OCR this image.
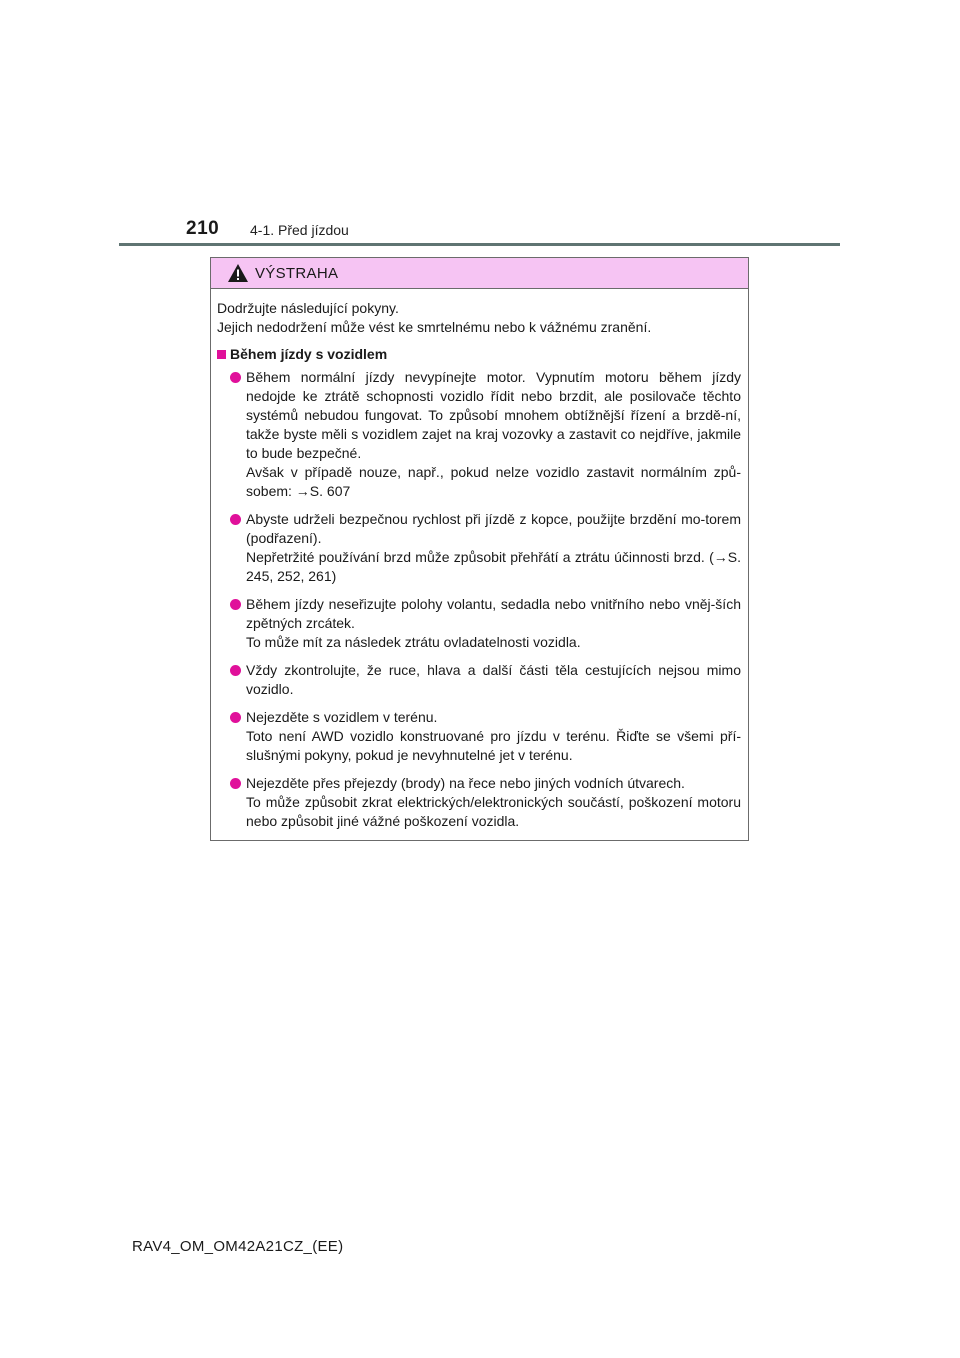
210 4-1. Před jízdou
VÝSTRAHA
Dodržujte následující pokyny.
Jejich nedodržení může vést ke smrtelnému nebo k vážnému zranění.
Během jízdy s vozidlem

Během normální jízdy nevypínejte motor. Vypnutím motoru během jízdy nedojde ke ztrátě schopnosti vozidlo řídit nebo brzdit, ale posilovače těchto systémů nebudou fungovat. To způsobí mnohem obtížnější řízení a brzdě-ní, takže byste měli s vozidlem zajet na kraj vozovky a zastavit co nejdříve, jakmile to bude bezpečné.

Avšak v případě nouze, např., pokud nelze vozidlo zastavit normálním způ-sobem: →S. 607

Abyste udrželi bezpečnou rychlost při jízdě z kopce, použijte brzdění mo-torem (podřazení).

Nepřetržité používání brzd může způsobit přehřátí a ztrátu účinnosti brzd. (→S. 245, 252, 261)

Během jízdy neseřizujte polohy volantu, sedadla nebo vnitřního nebo vněj-ších zpětných zrcátek.

To může mít za následek ztrátu ovladatelnosti vozidla.

Vždy zkontrolujte, že ruce, hlava a další části těla cestujících nejsou mimo vozidlo.

Nejezděte s vozidlem v terénu.

Toto není AWD vozidlo konstruované pro jízdu v terénu. Řiďte se všemi pří-slušnými pokyny, pokud je nevyhnutelné jet v terénu.

Nejezděte přes přejezdy (brody) na řece nebo jiných vodních útvarech.

To může způsobit zkrat elektrických/elektronických součástí, poškození motoru nebo způsobit jiné vážné poškození vozidla.

RAV4_OM_OM42A21CZ_(EE)
